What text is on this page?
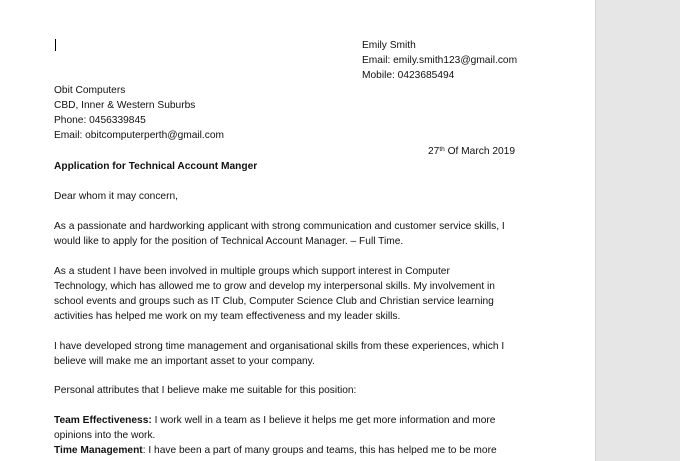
Emily Smith
Email: emily.smith123@gmail.com
Mobile: 0423685494
Obit Computers
CBD, Inner & Western Suburbs
Phone: 0456339845
Email: obitcomputerperth@gmail.com
27th Of March 2019
Application for Technical Account Manger
Dear whom it may concern,
As a passionate and hardworking applicant with strong communication and customer service skills, I
would like to apply for the position of Technical Account Manager. – Full Time.
As a student I have been involved in multiple groups which support interest in Computer
Technology, which has allowed me to grow and develop my interpersonal skills. My involvement in
school events and groups such as IT Club, Computer Science Club and Christian service learning
activities has helped me work on my team effectiveness and my leader skills.
I have developed strong time management and organisational skills from these experiences, which I
believe will make me an important asset to your company.
Personal attributes that I believe make me suitable for this position:
Team Effectiveness: I work well in a team as I believe it helps me get more information and more
opinions into the work.
Time Management: I have been a part of many groups and teams, this has helped me to be more
